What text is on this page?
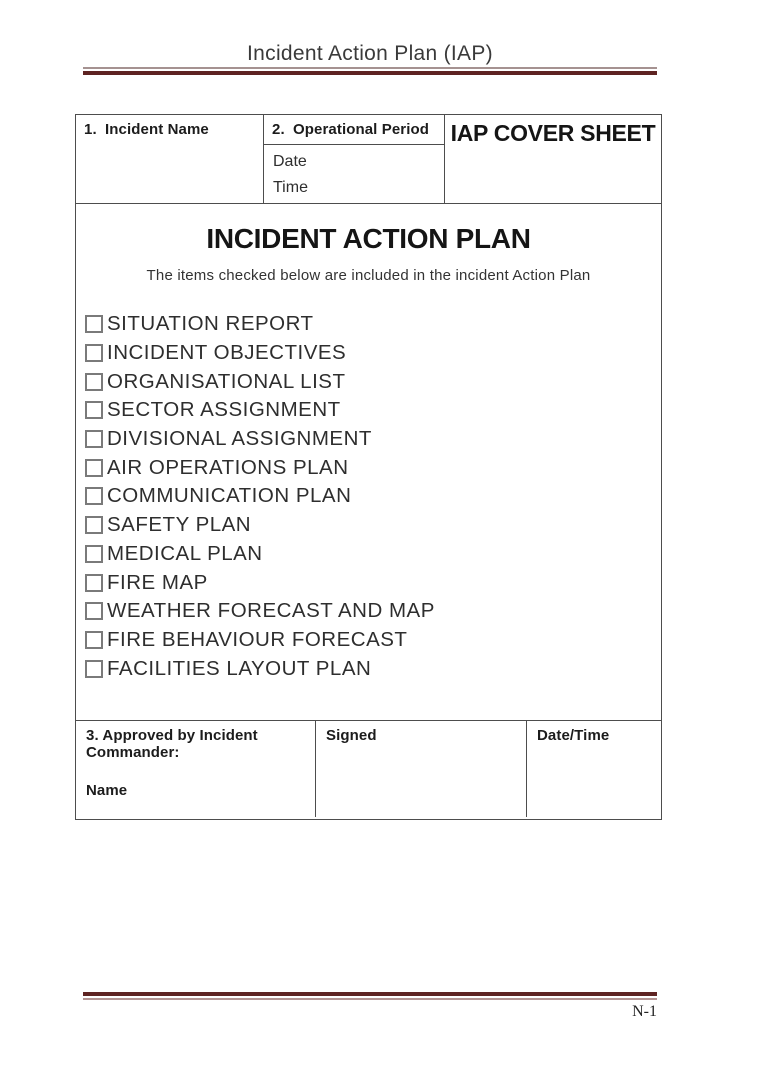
Incident Action Plan (IAP)
1. Incident Name	2. Operational Period
Date
Time
IAP COVER SHEET
INCIDENT ACTION PLAN
The items checked below are included in the incident Action Plan
SITUATION REPORT
INCIDENT OBJECTIVES
ORGANISATIONAL LIST
SECTOR ASSIGNMENT
DIVISIONAL ASSIGNMENT
AIR OPERATIONS PLAN
COMMUNICATION PLAN
SAFETY PLAN
MEDICAL PLAN
FIRE MAP
WEATHER FORECAST AND MAP
FIRE BEHAVIOUR FORECAST
FACILITIES LAYOUT PLAN
3. Approved by Incident Commander:
Name
Signed	Date/Time
N-1
